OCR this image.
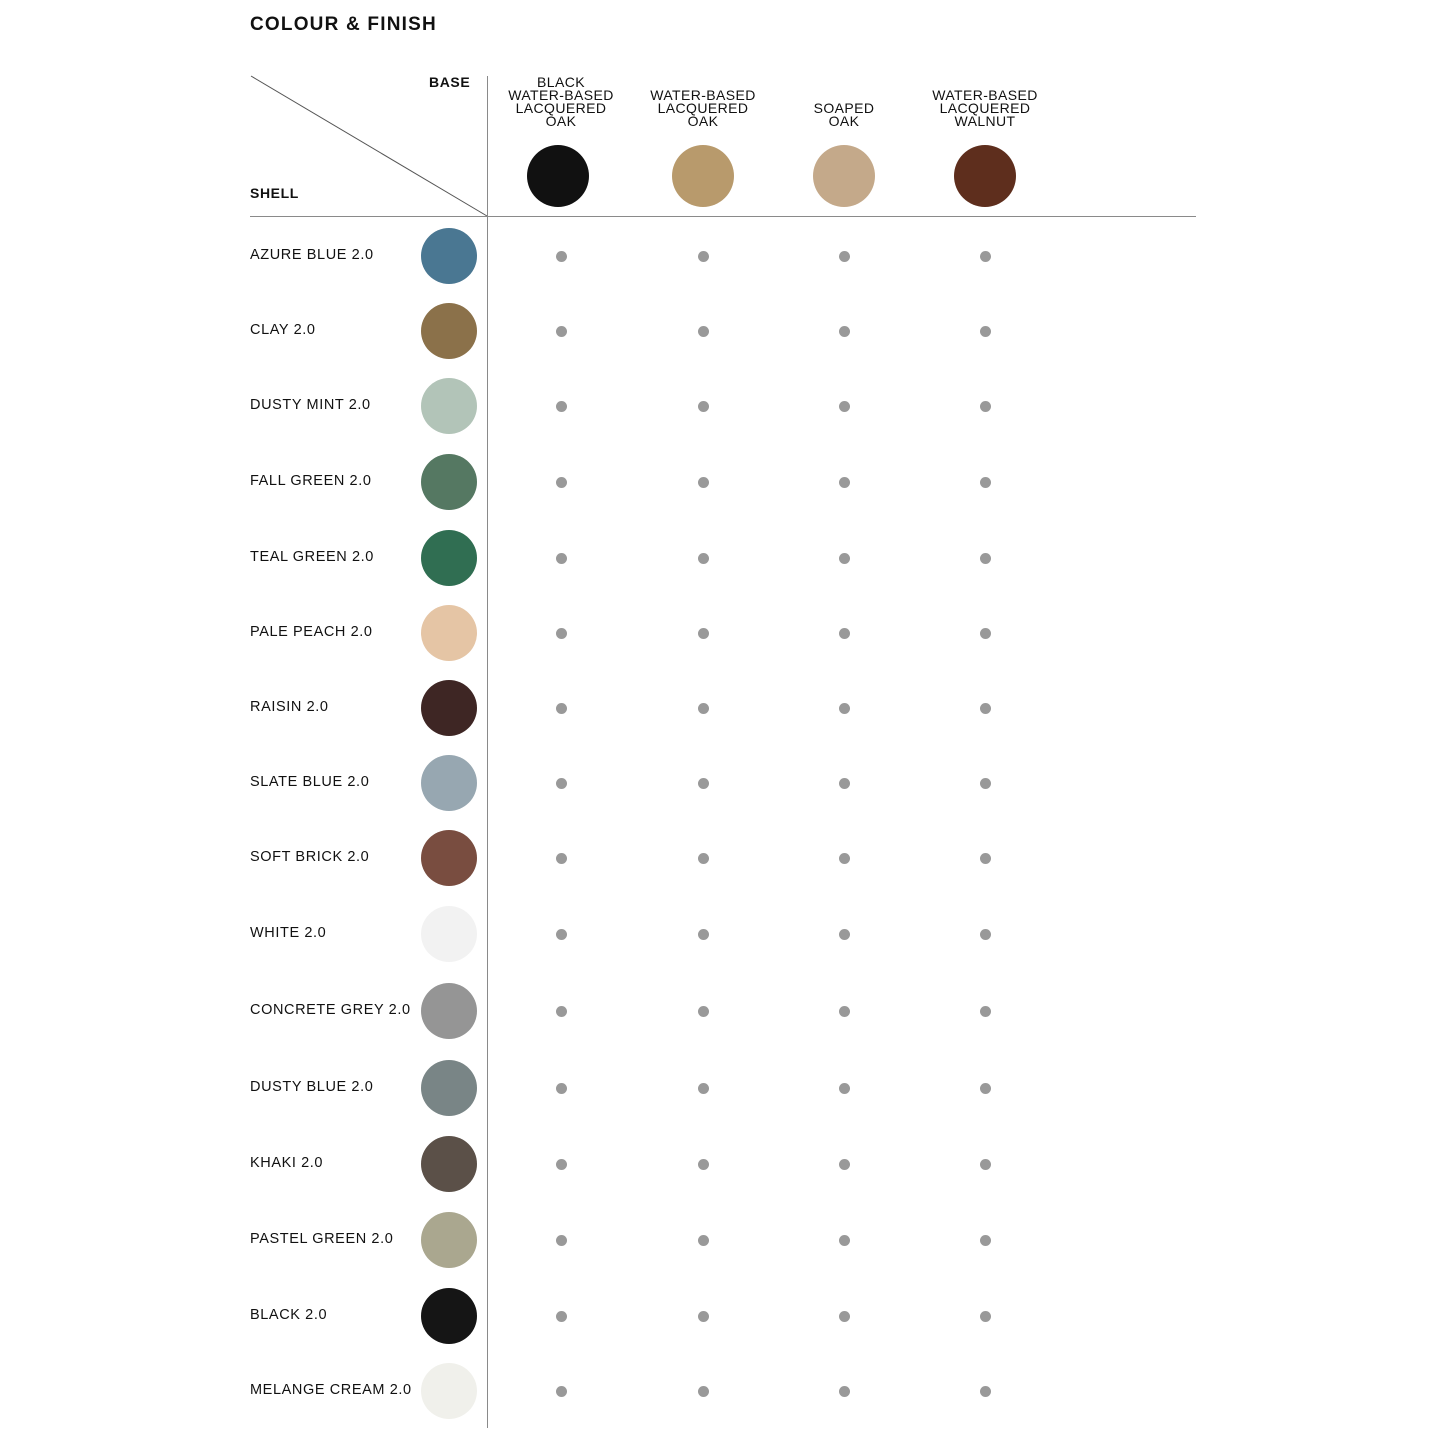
COLOUR & FINISH
BASE
SHELL
BLACK
WATER-BASED
LACQUERED
OAK
WATER-BASED
LACQUERED
OAK
SOAPED
OAK
WATER-BASED
LACQUERED
WALNUT
AZURE BLUE 2.0
CLAY 2.0
DUSTY MINT 2.0
FALL GREEN 2.0
TEAL GREEN 2.0
PALE PEACH 2.0
RAISIN 2.0
SLATE BLUE 2.0
SOFT BRICK 2.0
WHITE 2.0
CONCRETE GREY 2.0
DUSTY BLUE 2.0
KHAKI 2.0
PASTEL GREEN 2.0
BLACK 2.0
MELANGE CREAM 2.0
